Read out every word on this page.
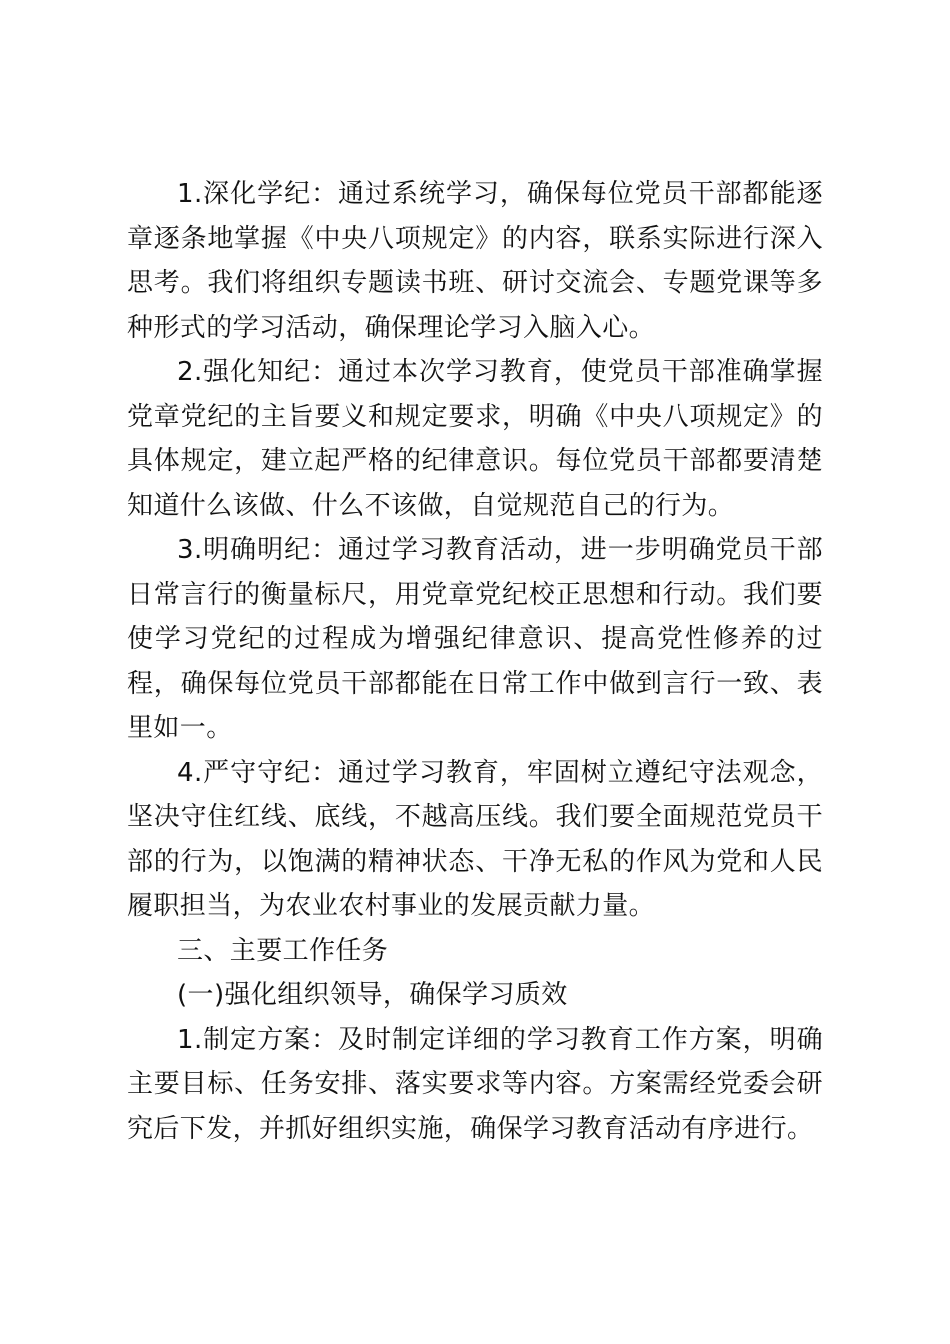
1.深化学纪：通过系统学习，确保每位党员干部都能逐章逐条地掌握《中央八项规定》的内容，联系实际进行深入思考。我们将组织专题读书班、研讨交流会、专题党课等多种形式的学习活动，确保理论学习入脑入心。

2.强化知纪：通过本次学习教育，使党员干部准确掌握党章党纪的主旨要义和规定要求，明确《中央八项规定》的具体规定，建立起严格的纪律意识。每位党员干部都要清楚知道什么该做、什么不该做，自觉规范自己的行为。

3.明确明纪：通过学习教育活动，进一步明确党员干部日常言行的衡量标尺，用党章党纪校正思想和行动。我们要使学习党纪的过程成为增强纪律意识、提高党性修养的过程，确保每位党员干部都能在日常工作中做到言行一致、表里如一。

4.严守守纪：通过学习教育，牢固树立遵纪守法观念，坚决守住红线、底线，不越高压线。我们要全面规范党员干部的行为，以饱满的精神状态、干净无私的作风为党和人民履职担当，为农业农村事业的发展贡献力量。

三、主要工作任务

(一)强化组织领导，确保学习质效

1.制定方案：及时制定详细的学习教育工作方案，明确主要目标、任务安排、落实要求等内容。方案需经党委会研究后下发，并抓好组织实施，确保学习教育活动有序进行。
